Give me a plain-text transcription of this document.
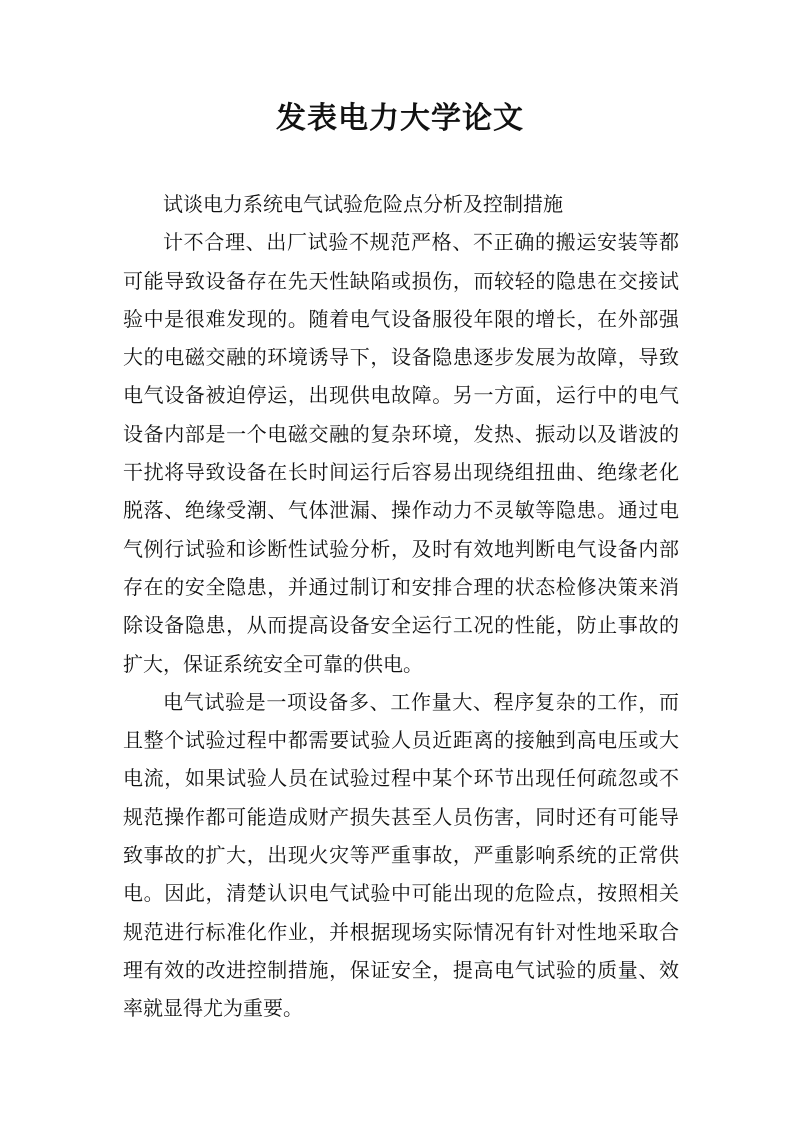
发表电力大学论文

试谈电力系统电气试验危险点分析及控制措施

计不合理、出厂试验不规范严格、不正确的搬运安装等都可能导致设备存在先天性缺陷或损伤，而较轻的隐患在交接试验中是很难发现的。随着电气设备服役年限的增长，在外部强大的电磁交融的环境诱导下，设备隐患逐步发展为故障，导致电气设备被迫停运，出现供电故障。另一方面，运行中的电气设备内部是一个电磁交融的复杂环境，发热、振动以及谐波的干扰将导致设备在长时间运行后容易出现绕组扭曲、绝缘老化脱落、绝缘受潮、气体泄漏、操作动力不灵敏等隐患。通过电气例行试验和诊断性试验分析，及时有效地判断电气设备内部存在的安全隐患，并通过制订和安排合理的状态检修决策来消除设备隐患，从而提高设备安全运行工况的性能，防止事故的扩大，保证系统安全可靠的供电。

电气试验是一项设备多、工作量大、程序复杂的工作，而且整个试验过程中都需要试验人员近距离的接触到高电压或大电流，如果试验人员在试验过程中某个环节出现任何疏忽或不规范操作都可能造成财产损失甚至人员伤害，同时还有可能导致事故的扩大，出现火灾等严重事故，严重影响系统的正常供电。因此，清楚认识电气试验中可能出现的危险点，按照相关规范进行标准化作业，并根据现场实际情况有针对性地采取合理有效的改进控制措施，保证安全，提高电气试验的质量、效率就显得尤为重要。
